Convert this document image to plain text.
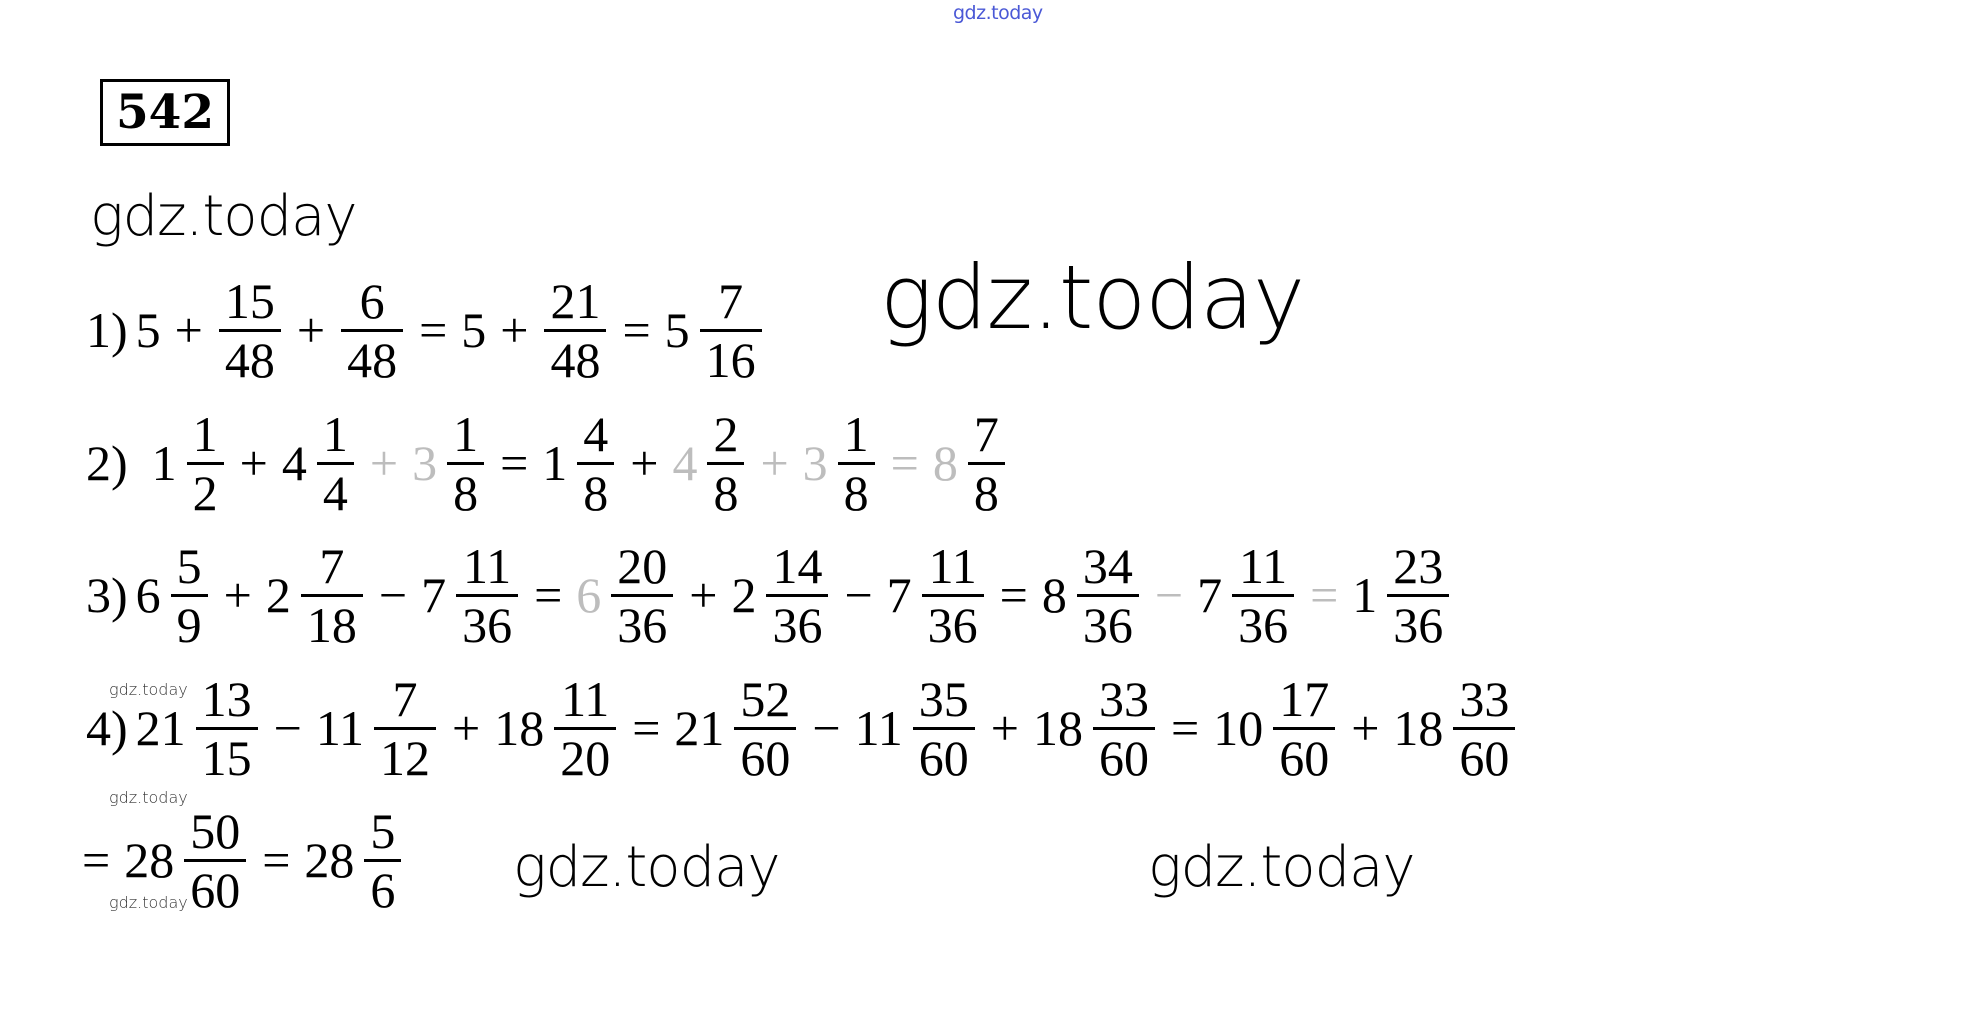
gdz.today
542
gdz.today
gdz.today
gdz.today	gdz.today
gdz.today
gdz.today
gdz.today
1) $5 + \frac{15}{48} + \frac{6}{48} = 5 + \frac{21}{48} = 5 \frac{7}{16}$
2) $1 \frac{1}{2} + 4 \frac{1}{4} + 3 \frac{1}{8} = 1 \frac{4}{8} + 4 \frac{2}{8} + 3 \frac{1}{8} = 8 \frac{7}{8}$
3) $6 \frac{5}{9} + 2 \frac{7}{18} - 7 \frac{11}{36} = 6 \frac{20}{36} + 2 \frac{14}{36} - 7 \frac{11}{36} = 8 \frac{34}{36} - 7 \frac{11}{36} = 1 \frac{23}{36}$
4) $21 \frac{13}{15} - 11 \frac{7}{12} + 18 \frac{11}{20} = 21 \frac{52}{60} - 11 \frac{35}{60} + 18 \frac{33}{60} = 10 \frac{17}{60} + 18 \frac{33}{60}$
= $28 \frac{50}{60} = 28 \frac{5}{6}$
